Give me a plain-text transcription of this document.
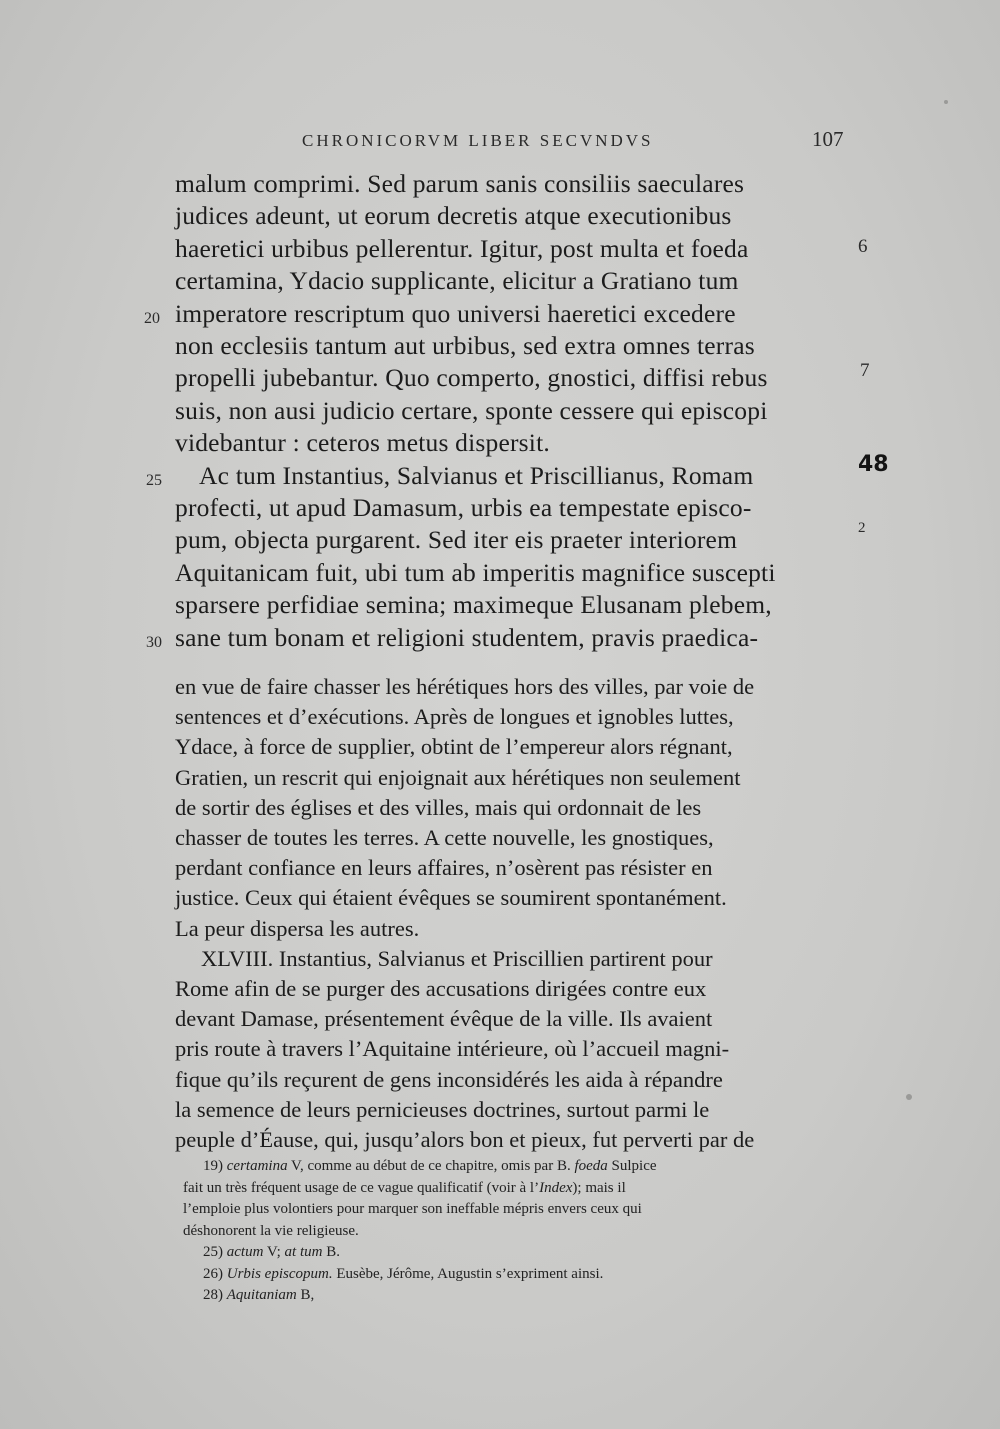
CHRONICORVM LIBER SECVNDVS	107
malum comprimi. Sed parum sanis consiliis saeculares
judices adeunt, ut eorum decretis atque executionibus
haeretici urbibus pellerentur. Igitur, post multa et foeda
certamina, Ydacio supplicante, elicitur a Gratiano tum
imperatore rescriptum quo universi haeretici excedere
non ecclesiis tantum aut urbibus, sed extra omnes terras
propelli jubebantur. Quo comperto, gnostici, diffisi rebus
suis, non ausi judicio certare, sponte cessere qui episcopi
videbantur : ceteros metus dispersit.
Ac tum Instantius, Salvianus et Priscillianus, Romam
profecti, ut apud Damasum, urbis ea tempestate episco-
pum, objecta purgarent. Sed iter eis praeter interiorem
Aquitanicam fuit, ubi tum ab imperitis magnifice suscepti
sparsere perfidiae semina; maximeque Elusanam plebem,
sane tum bonam et religioni studentem, pravis praedica-
20
25
30
6
7
48
2
en vue de faire chasser les hérétiques hors des villes, par voie de
sentences et d’exécutions. Après de longues et ignobles luttes,
Ydace, à force de supplier, obtint de l’empereur alors régnant,
Gratien, un rescrit qui enjoignait aux hérétiques non seulement
de sortir des églises et des villes, mais qui ordonnait de les
chasser de toutes les terres. A cette nouvelle, les gnostiques,
perdant confiance en leurs affaires, n’osèrent pas résister en
justice. Ceux qui étaient évêques se soumirent spontanément.
La peur dispersa les autres.
XLVIII. Instantius, Salvianus et Priscillien partirent pour
Rome afin de se purger des accusations dirigées contre eux
devant Damase, présentement évêque de la ville. Ils avaient
pris route à travers l’Aquitaine intérieure, où l’accueil magni-
fique qu’ils reçurent de gens inconsidérés les aida à répandre
la semence de leurs pernicieuses doctrines, surtout parmi le
peuple d’Éause, qui, jusqu’alors bon et pieux, fut perverti par de
19) certamina V, comme au début de ce chapitre, omis par B. foeda Sulpice
fait un très fréquent usage de ce vague qualificatif (voir à l’Index); mais il
l’emploie plus volontiers pour marquer son ineffable mépris envers ceux qui
déshonorent la vie religieuse.
25) actum V; at tum B.
26) Urbis episcopum. Eusèbe, Jérôme, Augustin s’expriment ainsi.
28) Aquitaniam B,
